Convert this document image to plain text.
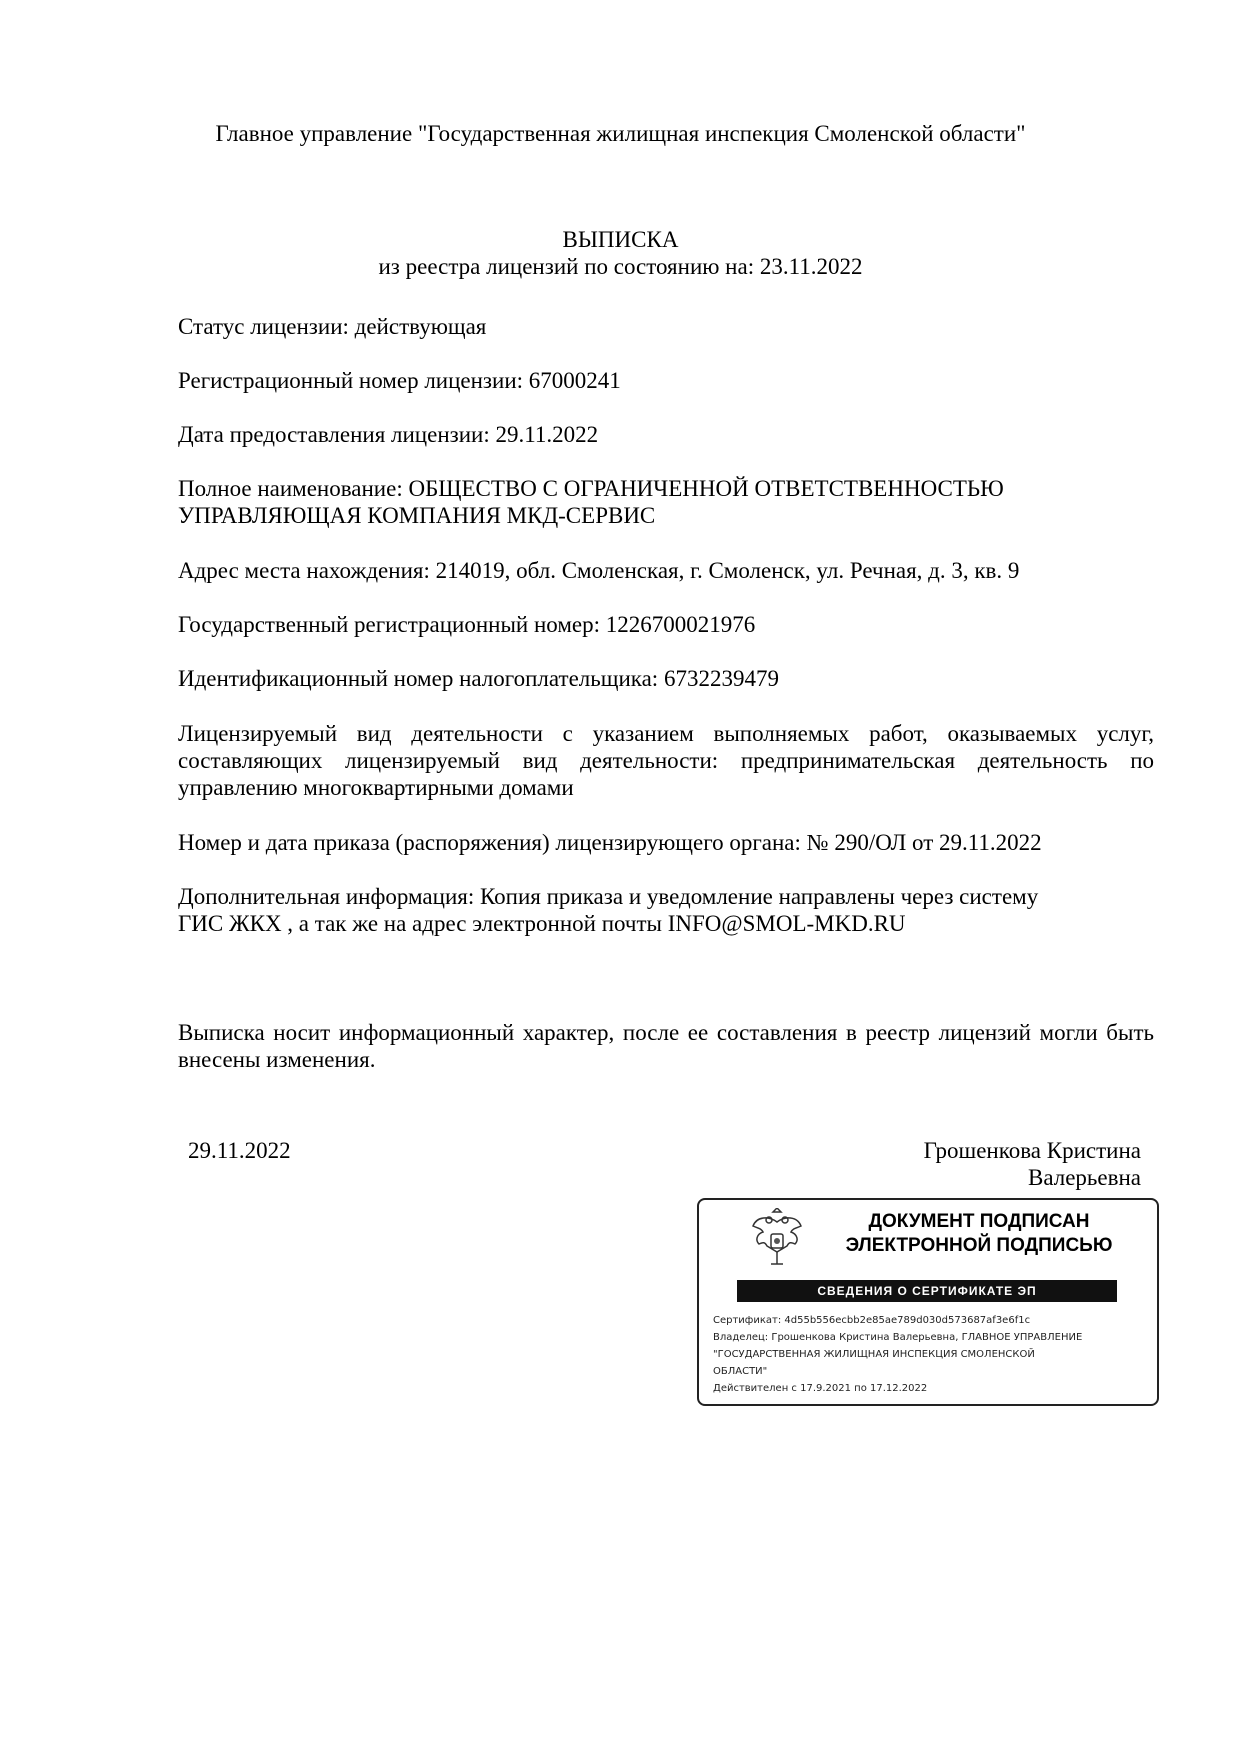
Главное управление "Государственная жилищная инспекция Смоленской области"
ВЫПИСКА
из реестра лицензий по состоянию на: 23.11.2022
Статус лицензии: действующая
Регистрационный номер лицензии: 67000241
Дата предоставления лицензии: 29.11.2022
Полное наименование: ОБЩЕСТВО С ОГРАНИЧЕННОЙ ОТВЕТСТВЕННОСТЬЮ
УПРАВЛЯЮЩАЯ КОМПАНИЯ МКД-СЕРВИС
Адрес места нахождения: 214019, обл. Смоленская, г. Смоленск, ул. Речная, д. 3, кв. 9
Государственный регистрационный номер: 1226700021976
Идентификационный номер налогоплательщика: 6732239479
Лицензируемый вид деятельности с указанием выполняемых работ, оказываемых услуг, составляющих лицензируемый вид деятельности: предпринимательская деятельность по управлению многоквартирными домами
Номер и дата приказа (распоряжения) лицензирующего органа: № 290/ОЛ от 29.11.2022
Дополнительная информация: Копия приказа и уведомление направлены через систему
ГИС ЖКХ , а так же на адрес электронной почты INFO@SMOL-MKD.RU
Выписка носит информационный характер, после ее составления в реестр лицензий могли быть внесены изменения.
29.11.2022	Грошенкова Кристина
Валерьевна
ДОКУМЕНТ ПОДПИСАН
ЭЛЕКТРОННОЙ ПОДПИСЬЮ
СВЕДЕНИЯ О СЕРТИФИКАТЕ ЭП
Сертификат: 4d55b556ecbb2e85ae789d030d573687af3e6f1c
Владелец: Грошенкова Кристина Валерьевна, ГЛАВНОЕ УПРАВЛЕНИЕ
"ГОСУДАРСТВЕННАЯ ЖИЛИЩНАЯ ИНСПЕКЦИЯ СМОЛЕНСКОЙ
ОБЛАСТИ"
Действителен с 17.9.2021 по 17.12.2022
